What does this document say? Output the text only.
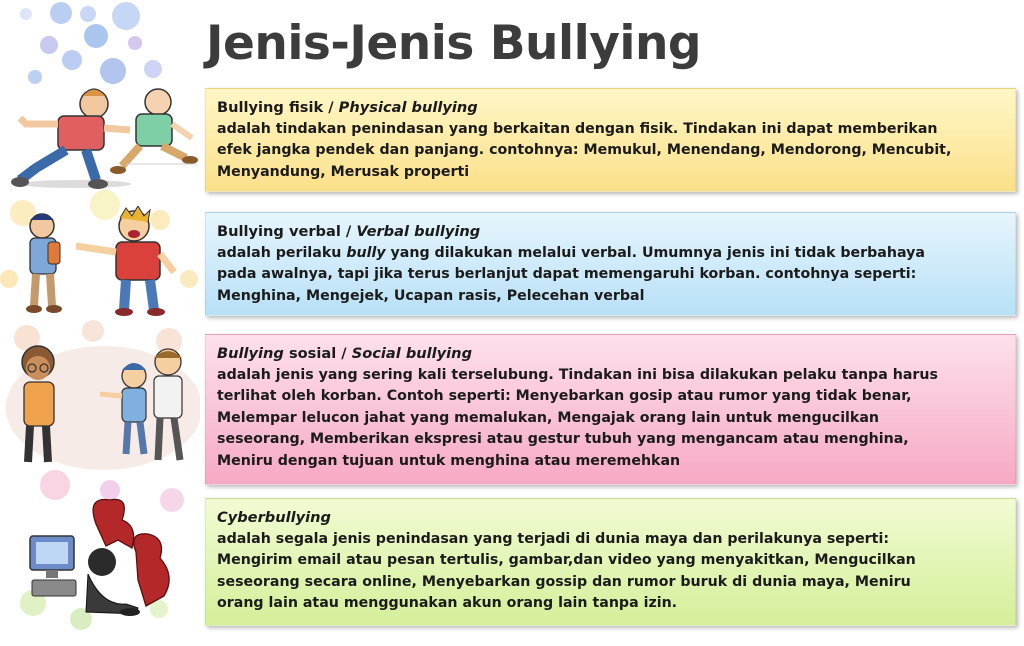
Jenis-Jenis Bullying
Bullying fisik / Physical bullying
adalah tindakan penindasan yang berkaitan dengan fisik. Tindakan ini dapat memberikan
efek jangka pendek dan panjang. contohnya: Memukul, Menendang, Mendorong, Mencubit,
Menyandung, Merusak properti
Bullying verbal / Verbal bullying
adalah perilaku bully yang dilakukan melalui verbal. Umumnya jenis ini tidak berbahaya
pada awalnya, tapi jika terus berlanjut dapat memengaruhi korban. contohnya seperti:
Menghina, Mengejek, Ucapan rasis, Pelecehan verbal
Bullying sosial / Social bullying
adalah jenis yang sering kali terselubung. Tindakan ini bisa dilakukan pelaku tanpa harus
terlihat oleh korban. Contoh seperti: Menyebarkan gosip atau rumor yang tidak benar,
Melempar lelucon jahat yang memalukan, Mengajak orang lain untuk mengucilkan
seseorang, Memberikan ekspresi atau gestur tubuh yang mengancam atau menghina,
Meniru dengan tujuan untuk menghina atau meremehkan
Cyberbullying
adalah segala jenis penindasan yang terjadi di dunia maya dan perilakunya seperti:
Mengirim email atau pesan tertulis, gambar,dan video yang menyakitkan, Mengucilkan
seseorang secara online, Menyebarkan gossip dan rumor buruk di dunia maya, Meniru
orang lain atau menggunakan akun orang lain tanpa izin.
